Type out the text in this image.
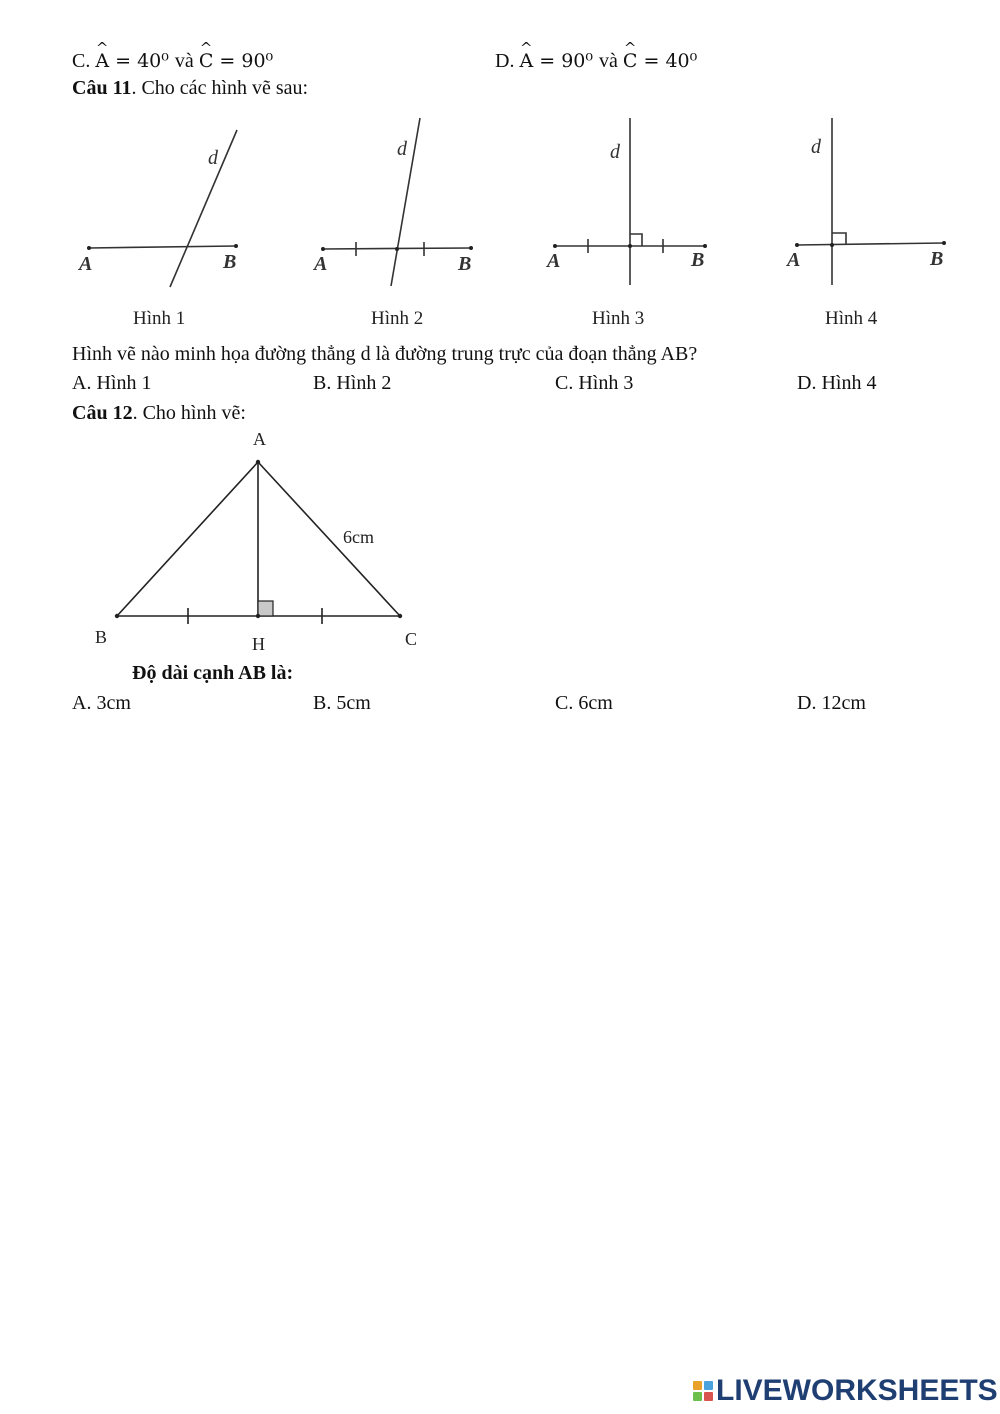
C. ^ A = 40⁰ và ^ C = 90⁰	D. ^ A = 90⁰ và ^ C = 40⁰
Câu 11. Cho các hình vẽ sau:
d
A	B
d
A	B
d
A	B
d
A	B
Hình 1	Hình 2	Hình 3	Hình 4
Hình vẽ nào minh họa đường thẳng d là đường trung trực của đoạn thẳng AB?
A. Hình 1	B. Hình 2	C. Hình 3	D. Hình 4
Câu 12. Cho hình vẽ:
A
B	C
H
6cm
Độ dài cạnh AB là:
A. 3cm	B. 5cm	C. 6cm	D. 12cm
LIVEWORKSHEETS
